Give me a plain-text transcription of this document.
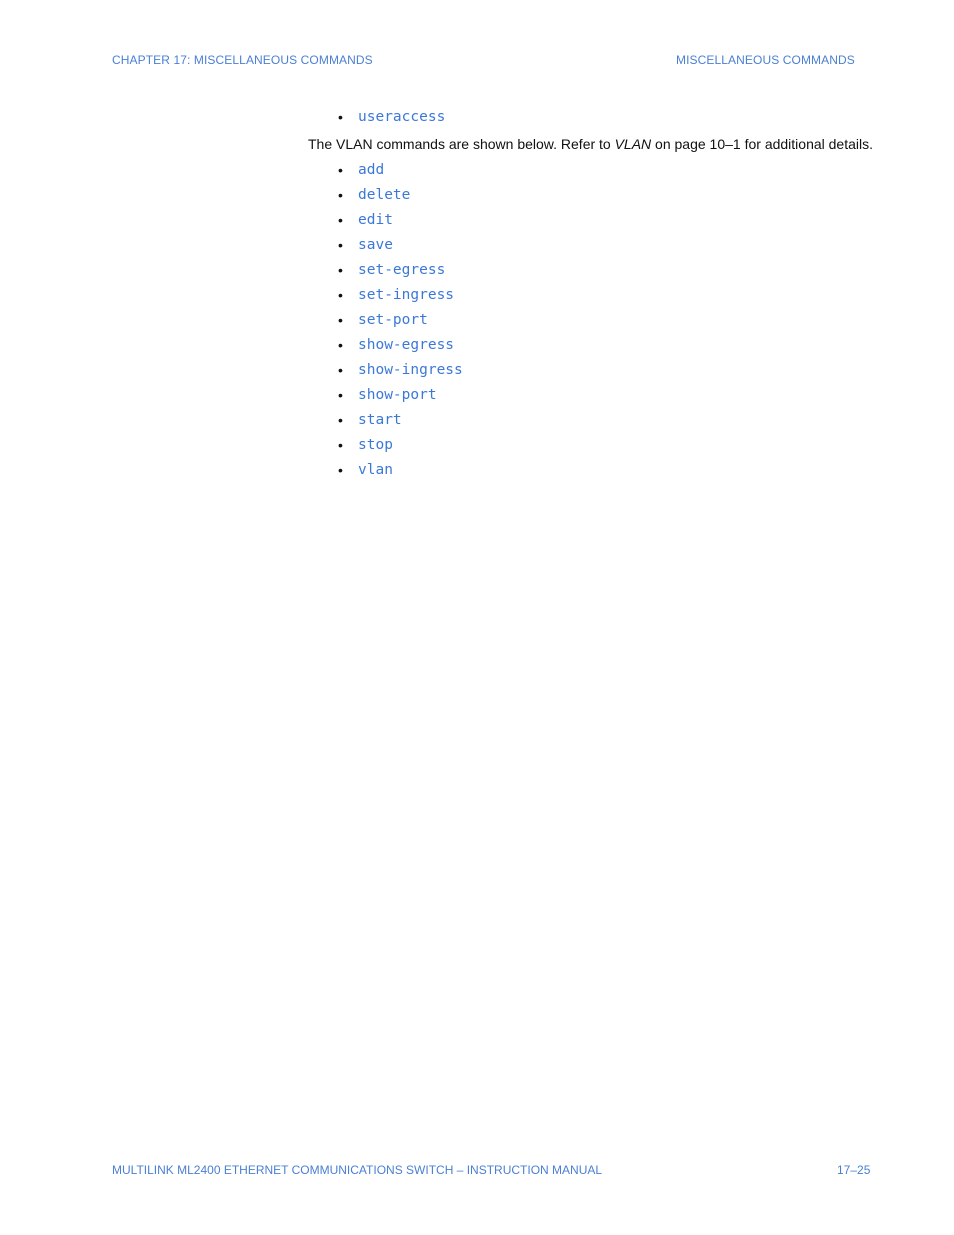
CHAPTER 17: MISCELLANEOUS COMMANDS	MISCELLANEOUS COMMANDS
• useraccess

The VLAN commands are shown below. Refer to VLAN on page 10–1 for additional details.

• add
• delete
• edit
• save
• set-egress
• set-ingress
• set-port
• show-egress
• show-ingress
• show-port
• start
• stop
• vlan
MULTILINK ML2400 ETHERNET COMMUNICATIONS SWITCH – INSTRUCTION MANUAL	17–25
